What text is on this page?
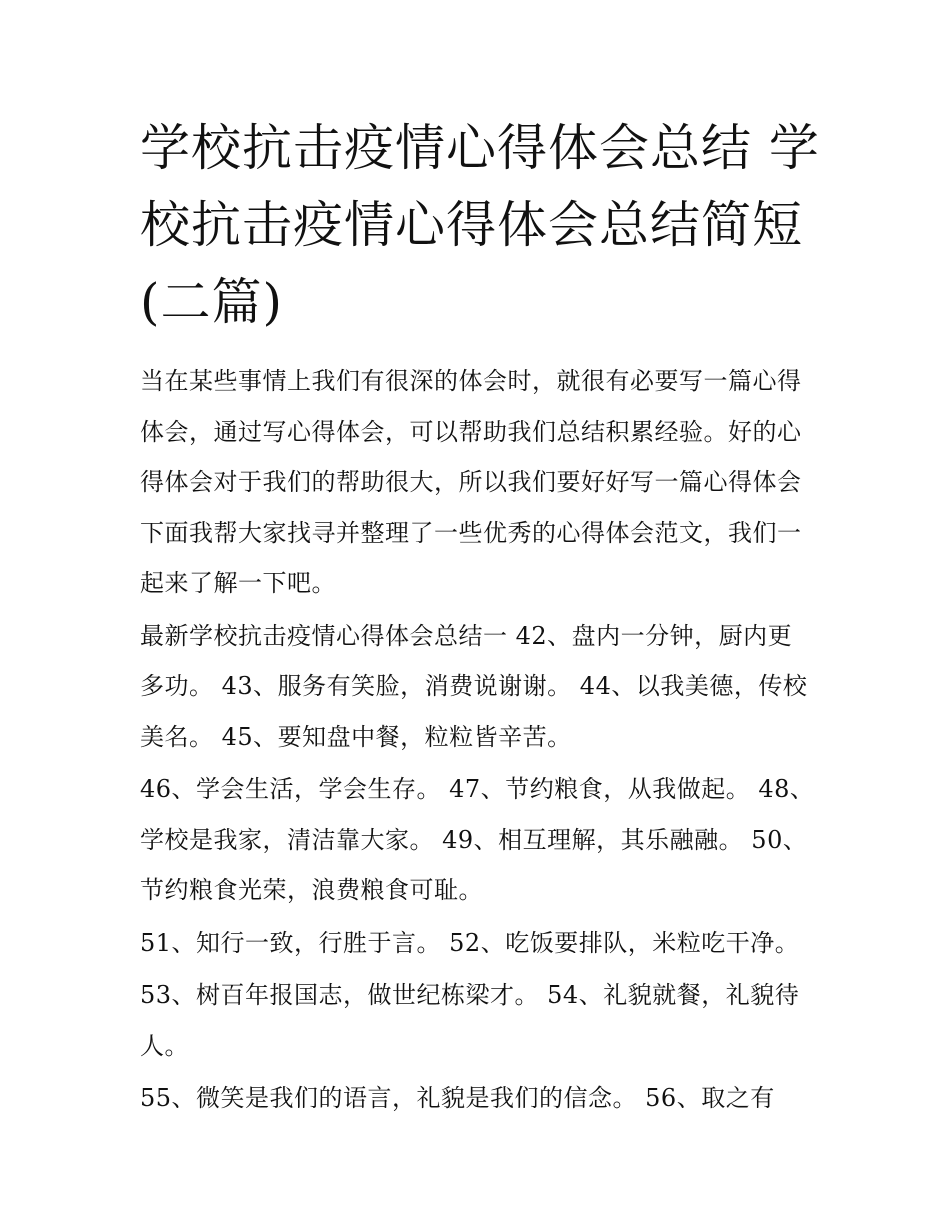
学校抗击疫情心得体会总结 学
校抗击疫情心得体会总结简短
(二篇)
当在某些事情上我们有很深的体会时，就很有必要写一篇心得
体会，通过写心得体会，可以帮助我们总结积累经验。好的心
得体会对于我们的帮助很大，所以我们要好好写一篇心得体会
下面我帮大家找寻并整理了一些优秀的心得体会范文，我们一
起来了解一下吧。
最新学校抗击疫情心得体会总结一 42、盘内一分钟，厨内更
多功。 43、服务有笑脸，消费说谢谢。 44、以我美德，传校
美名。 45、要知盘中餐，粒粒皆辛苦。
46、学会生活，学会生存。 47、节约粮食，从我做起。 48、
学校是我家，清洁靠大家。 49、相互理解，其乐融融。 50、
节约粮食光荣，浪费粮食可耻。
51、知行一致，行胜于言。 52、吃饭要排队，米粒吃干净。
53、树百年报国志，做世纪栋梁才。 54、礼貌就餐，礼貌待
人。
55、微笑是我们的语言，礼貌是我们的信念。 56、取之有
